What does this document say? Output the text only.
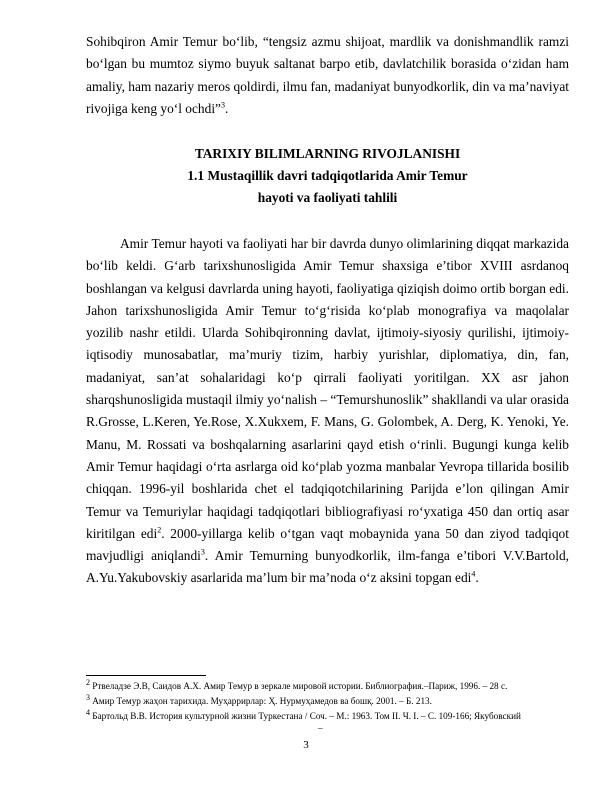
Sohibqiron Amir Temur bo‘lib, “tengsiz azmu shijoat, mardlik va donishmandlik ramzi bo‘lgan bu mumtoz siymo buyuk saltanat barpo etib, davlatchilik borasida o‘zidan ham amaliy, ham nazariy meros qoldirdi, ilmu fan, madaniyat bunyodkorlik, din va ma’naviyat rivojiga keng yo‘l ochdi”$^3$.

TARIXIY BILIMLARNING RIVOJLANISHI

1.1 Mustaqillik davri tadqiqotlarida Amir Temur

hayoti va faoliyati tahlili

Amir Temur hayoti va faoliyati har bir davrda dunyo olimlarining diqqat markazida bo‘lib keldi. G‘arb tarixshunosligida Amir Temur shaxsiga e’tibor XVIII asrdanoq boshlangan va kelgusi davrlarda uning hayoti, faoliyatiga qiziqish doimo ortib borgan edi. Jahon tarixshunosligida Amir Temur to‘g‘risida ko‘plab monografiya va maqolalar yozilib nashr etildi. Ularda Sohibqironning davlat, ijtimoiy-siyosiy qurilishi, ijtimoiy-iqtisodiy munosabatlar, ma’muriy tizim, harbiy yurishlar, diplomatiya, din, fan, madaniyat, san’at sohalaridagi ko‘p qirrali faoliyati yoritilgan. XX asr jahon sharqshunosligida mustaqil ilmiy yo‘nalish – “Temurshunoslik” shakllandi va ular orasida R.Grosse, L.Keren, Ye.Rose, X.Xukxem, F. Mans, G. Golombek, A. Derg, K. Yenoki, Ye. Manu, M. Rossati va boshqalarning asarlarini qayd etish o‘rinli. Bugungi kunga kelib Amir Temur haqidagi o‘rta asrlarga oid ko‘plab yozma manbalar Yevropa tillarida bosilib chiqqan. 1996-yil boshlarida chet el tadqiqotchilarining Parijda e’lon qilingan Amir Temur va Temuriylar haqidagi tadqiqotlari bibliografiyasi ro‘yxatiga 450 dan ortiq asar kiritilgan edi$^2$. 2000-yillarga kelib o‘tgan vaqt mobaynida yana 50 dan ziyod tadqiqot mavjudligi aniqlandi$^3$. Amir Temurning bunyodkorlik, ilm-fanga e’tibori V.V.Bartold, A.Yu.Yakubovskiy asarlarida ma’lum bir ma’noda o‘z aksini topgan edi$^4$.

$^2$ Ртвеладзе Э.В, Саидов А.Х. Амир Темур в зеркале мировой истории. Библиография.–Париж, 1996. – 28 с.

$^3$ Амир Темур жаҳон тарихида. Муҳаррирлар: Ҳ. Нурмуҳамедов ва бошқ. 2001. – Б. 213.

$^4$ Бартольд В.В. История культурной жизни Туркестана / Соч. – М.: 1963. Том II. Ч. I. – С. 109-166; Якубовский

–
3
